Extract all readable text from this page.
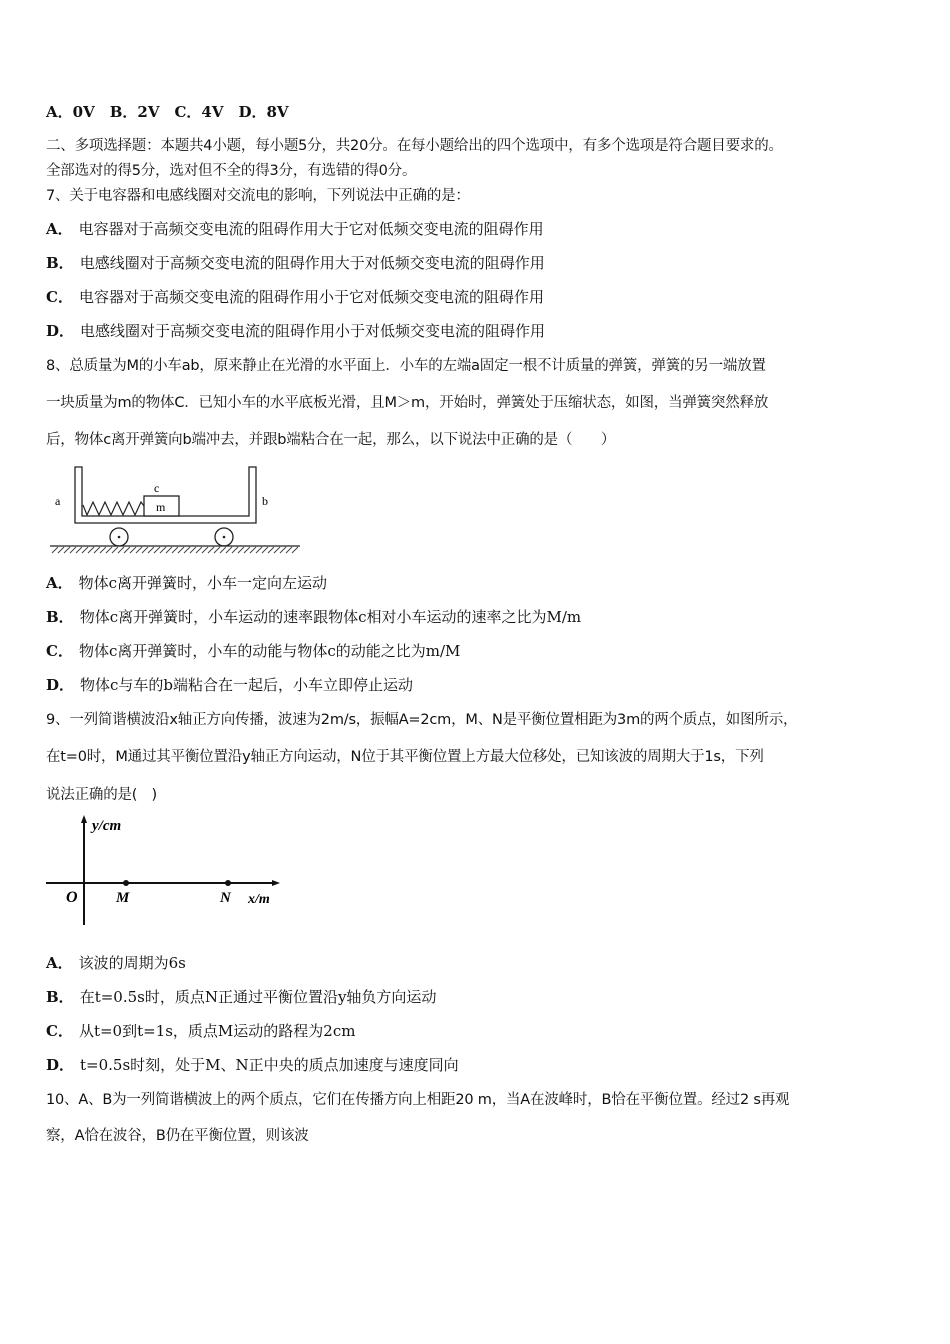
A．0V　B．2V　C．4V　D．8V
二、多项选择题：本题共4小题，每小题5分，共20分。在每小题给出的四个选项中，有多个选项是符合题目要求的。
全部选对的得5分，选对但不全的得3分，有选错的得0分。
7、关于电容器和电感线圈对交流电的影响，下列说法中正确的是：
A． 电容器对于高频交变电流的阻碍作用大于它对低频交变电流的阻碍作用
B． 电感线圈对于高频交变电流的阻碍作用大于对低频交变电流的阻碍作用
C． 电容器对于高频交变电流的阻碍作用小于它对低频交变电流的阻碍作用
D． 电感线圈对于高频交变电流的阻碍作用小于对低频交变电流的阻碍作用
8、总质量为M的小车ab，原来静止在光滑的水平面上．小车的左端a固定一根不计质量的弹簧，弹簧的另一端放置
一块质量为m的物体C．已知小车的水平底板光滑，且M＞m，开始时，弹簧处于压缩状态，如图，当弹簧突然释放
后，物体c离开弹簧向b端冲去，并跟b端粘合在一起，那么，以下说法中正确的是（　　）
m
c
a	b
A． 物体c离开弹簧时，小车一定向左运动
B． 物体c离开弹簧时，小车运动的速率跟物体c相对小车运动的速率之比为M/m
C． 物体c离开弹簧时，小车的动能与物体c的动能之比为m/M
D． 物体c与车的b端粘合在一起后，小车立即停止运动
9、一列简谐横波沿x轴正方向传播，波速为2m/s，振幅A=2cm，M、N是平衡位置相距为3m的两个质点，如图所示，
在t=0时，M通过其平衡位置沿y轴正方向运动，N位于其平衡位置上方最大位移处，已知该波的周期大于1s，下列
说法正确的是(　)
y/cm
O	M	N x/m
A． 该波的周期为6s
B． 在t=0.5s时，质点N正通过平衡位置沿y轴负方向运动
C． 从t=0到t=1s，质点M运动的路程为2cm
D． t=0.5s时刻，处于M、N正中央的质点加速度与速度同向
10、A、B为一列简谐横波上的两个质点，它们在传播方向上相距20 m，当A在波峰时，B恰在平衡位置。经过2 s再观
察，A恰在波谷，B仍在平衡位置，则该波
